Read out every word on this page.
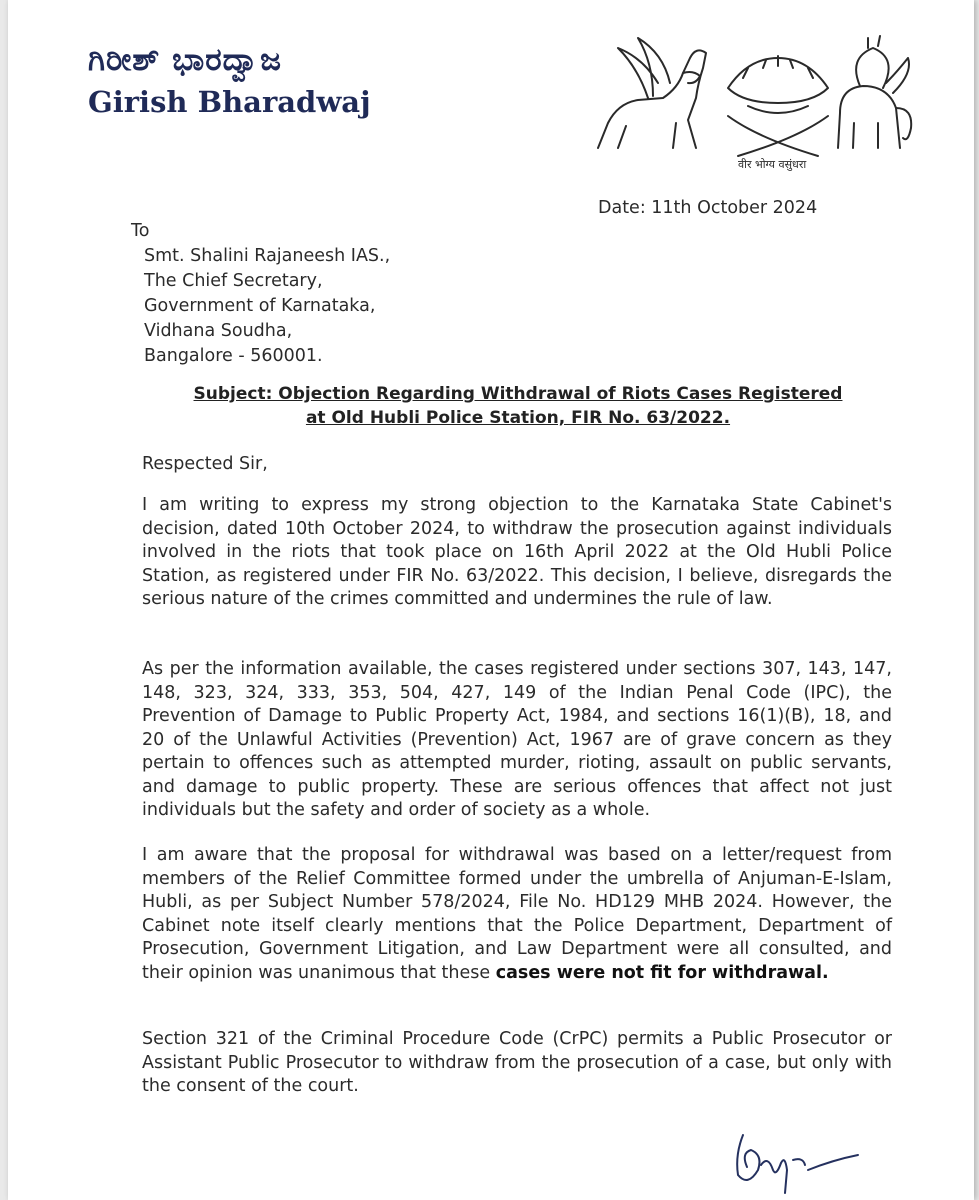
ಗಿರೀಶ್ ಭಾರದ್ವಾಜ
Girish Bharadwaj
वीर भोग्य वसुंधरा
Date: 11th October 2024
To
Smt. Shalini Rajaneesh IAS.,
The Chief Secretary,
Government of Karnataka,
Vidhana Soudha,
Bangalore - 560001.
Subject: Objection Regarding Withdrawal of Riots Cases Registered
at Old Hubli Police Station, FIR No. 63/2022.
Respected Sir,

I am writing to express my strong objection to the Karnataka State Cabinet's decision, dated 10th October 2024, to withdraw the prosecution against individuals involved in the riots that took place on 16th April 2022 at the Old Hubli Police Station, as registered under FIR No. 63/2022. This decision, I believe, disregards the serious nature of the crimes committed and undermines the rule of law.

As per the information available, the cases registered under sections 307, 143, 147, 148, 323, 324, 333, 353, 504, 427, 149 of the Indian Penal Code (IPC), the Prevention of Damage to Public Property Act, 1984, and sections 16(1)(B), 18, and 20 of the Unlawful Activities (Prevention) Act, 1967 are of grave concern as they pertain to offences such as attempted murder, rioting, assault on public servants, and damage to public property. These are serious offences that affect not just individuals but the safety and order of society as a whole.

I am aware that the proposal for withdrawal was based on a letter/request from members of the Relief Committee formed under the umbrella of Anjuman-E-Islam, Hubli, as per Subject Number 578/2024, File No. HD129 MHB 2024. However, the Cabinet note itself clearly mentions that the Police Department, Department of Prosecution, Government Litigation, and Law Department were all consulted, and their opinion was unanimous that these cases were not fit for withdrawal.

Section 321 of the Criminal Procedure Code (CrPC) permits a Public Prosecutor or Assistant Public Prosecutor to withdraw from the prosecution of a case, but only with the consent of the court.
